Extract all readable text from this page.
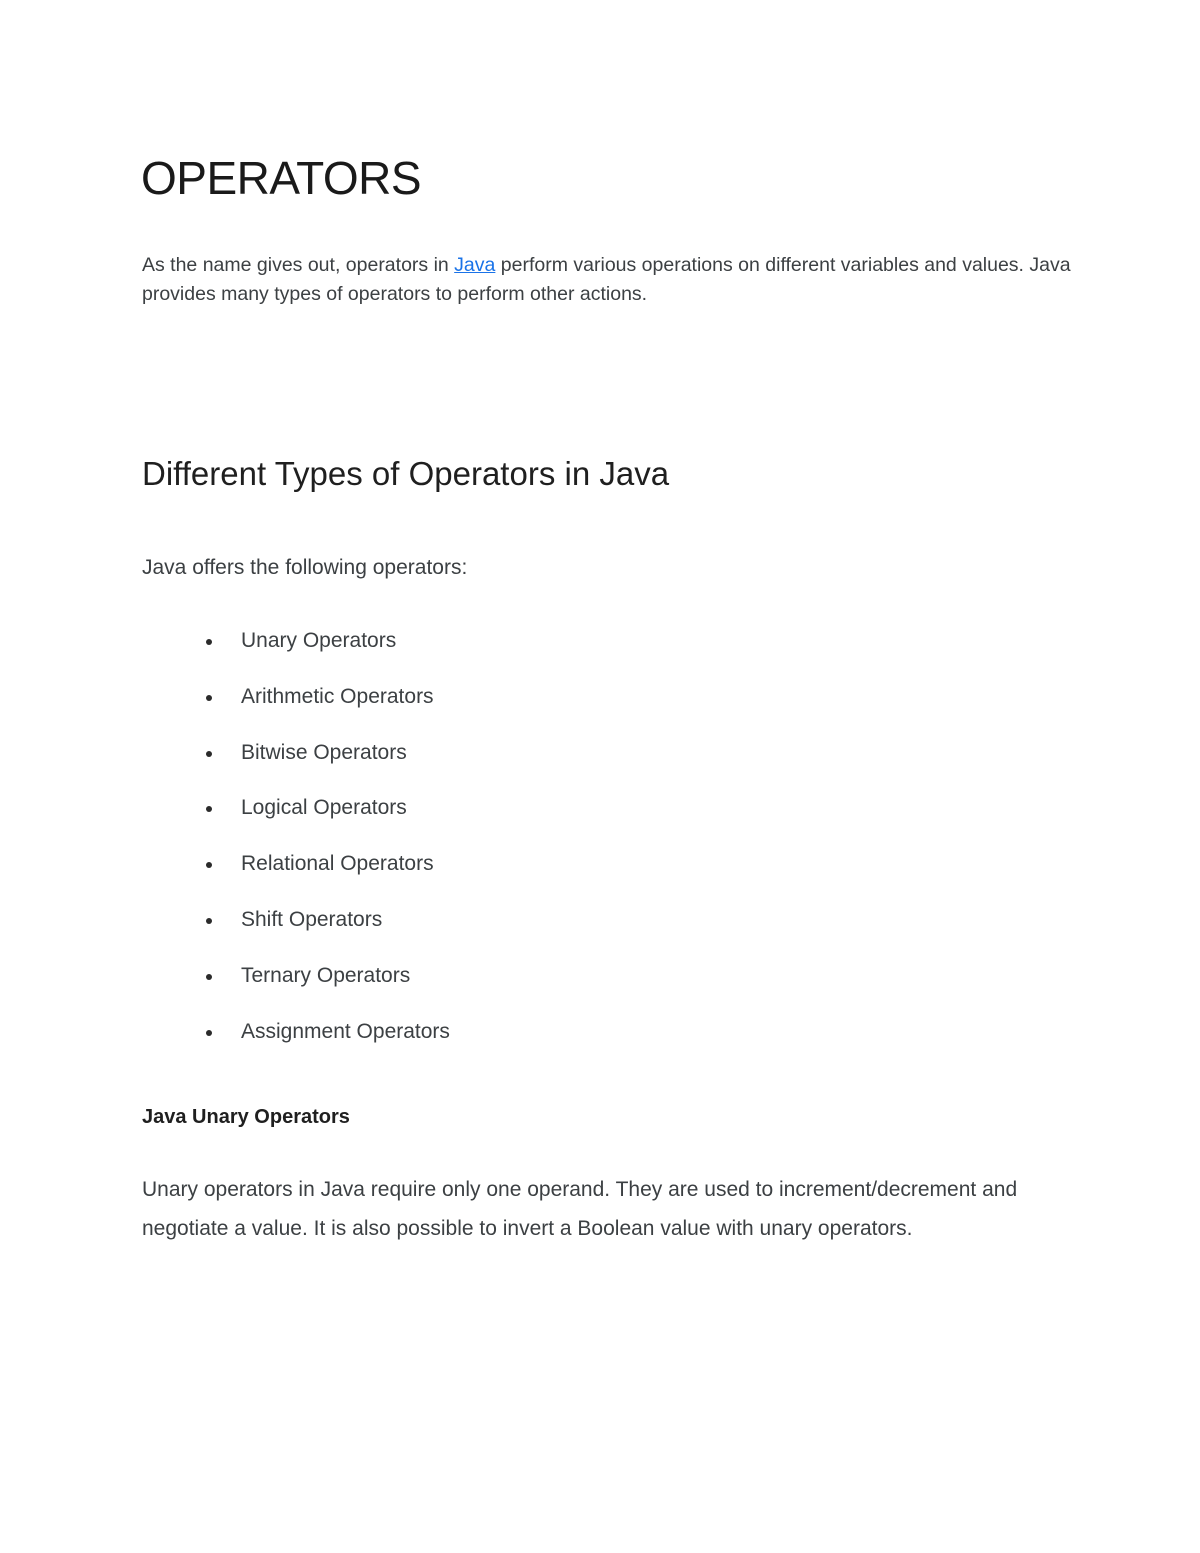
OPERATORS

As the name gives out, operators in Java perform various operations on different variables and values. Java provides many types of operators to perform other actions.

Different Types of Operators in Java

Java offers the following operators:

Unary Operators
Arithmetic Operators
Bitwise Operators
Logical Operators
Relational Operators
Shift Operators
Ternary Operators
Assignment Operators
Java Unary Operators

Unary operators in Java require only one operand. They are used to increment/decrement and negotiate a value. It is also possible to invert a Boolean value with unary operators.
